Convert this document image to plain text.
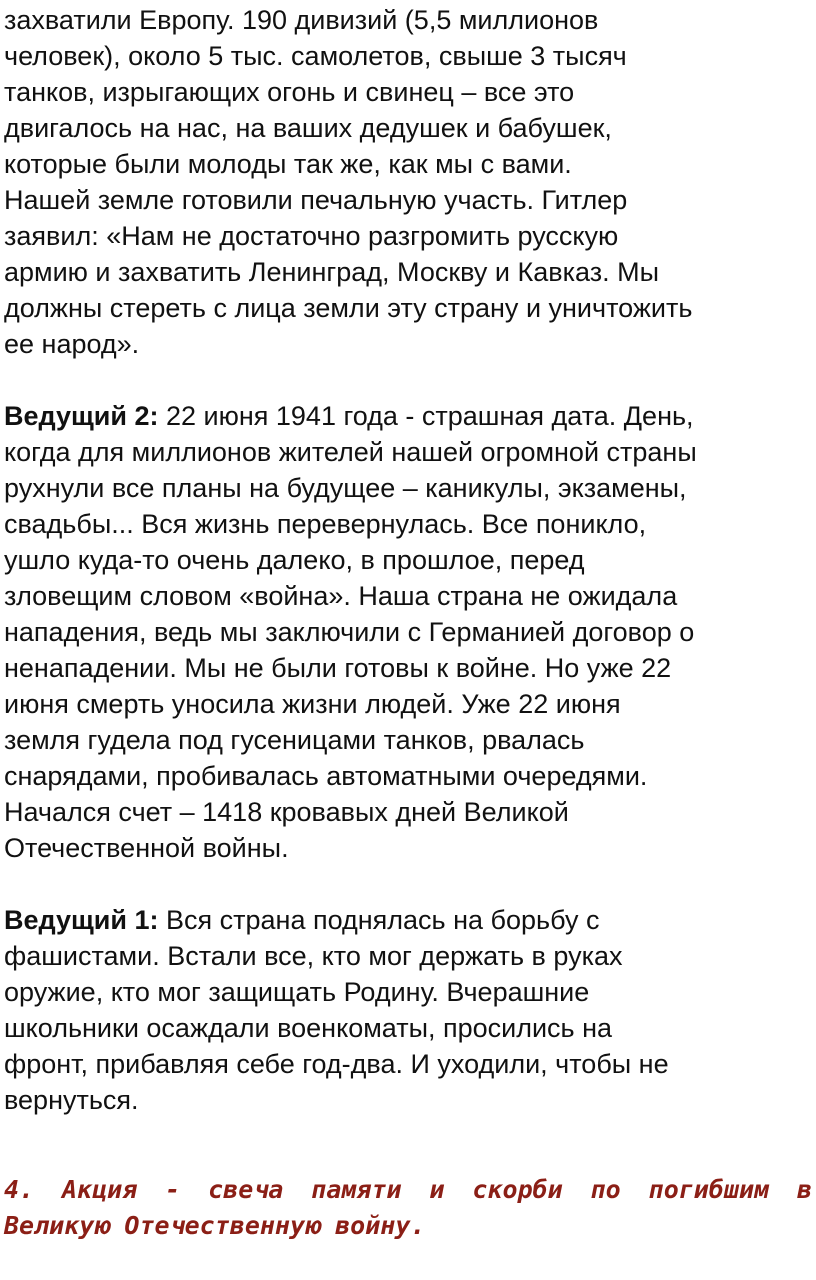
захватили Европу. 190 дивизий (5,5 миллионов
человек), около 5 тыс. самолетов, свыше 3 тысяч
танков, изрыгающих огонь и свинец – все это
двигалось на нас, на ваших дедушек и бабушек,
которые были молоды так же, как мы с вами.
Нашей земле готовили печальную участь. Гитлер
заявил: «Нам не достаточно разгромить русскую
армию и захватить Ленинград, Москву и Кавказ. Мы
должны стереть с лица земли эту страну и уничтожить
ее народ».

Ведущий 2: 22 июня 1941 года - страшная дата. День,
когда для миллионов жителей нашей огромной страны
рухнули все планы на будущее – каникулы, экзамены,
свадьбы... Вся жизнь перевернулась. Все поникло,
ушло куда-то очень далеко, в прошлое, перед
зловещим словом «война». Наша страна не ожидала
нападения, ведь мы заключили с Германией договор о
ненападении. Мы не были готовы к войне. Но уже 22
июня смерть уносила жизни людей. Уже 22 июня
земля гудела под гусеницами танков, рвалась
снарядами, пробивалась автоматными очередями.
Начался счет – 1418 кровавых дней Великой
Отечественной войны.

Ведущий 1: Вся страна поднялась на борьбу с
фашистами. Встали все, кто мог держать в руках
оружие, кто мог защищать Родину. Вчерашние
школьники осаждали военкоматы, просились на
фронт, прибавляя себе год-два. И уходили, чтобы не
вернуться.

4. Акция - свеча памяти и скорби по погибшим в Великую Отечественную войну.
